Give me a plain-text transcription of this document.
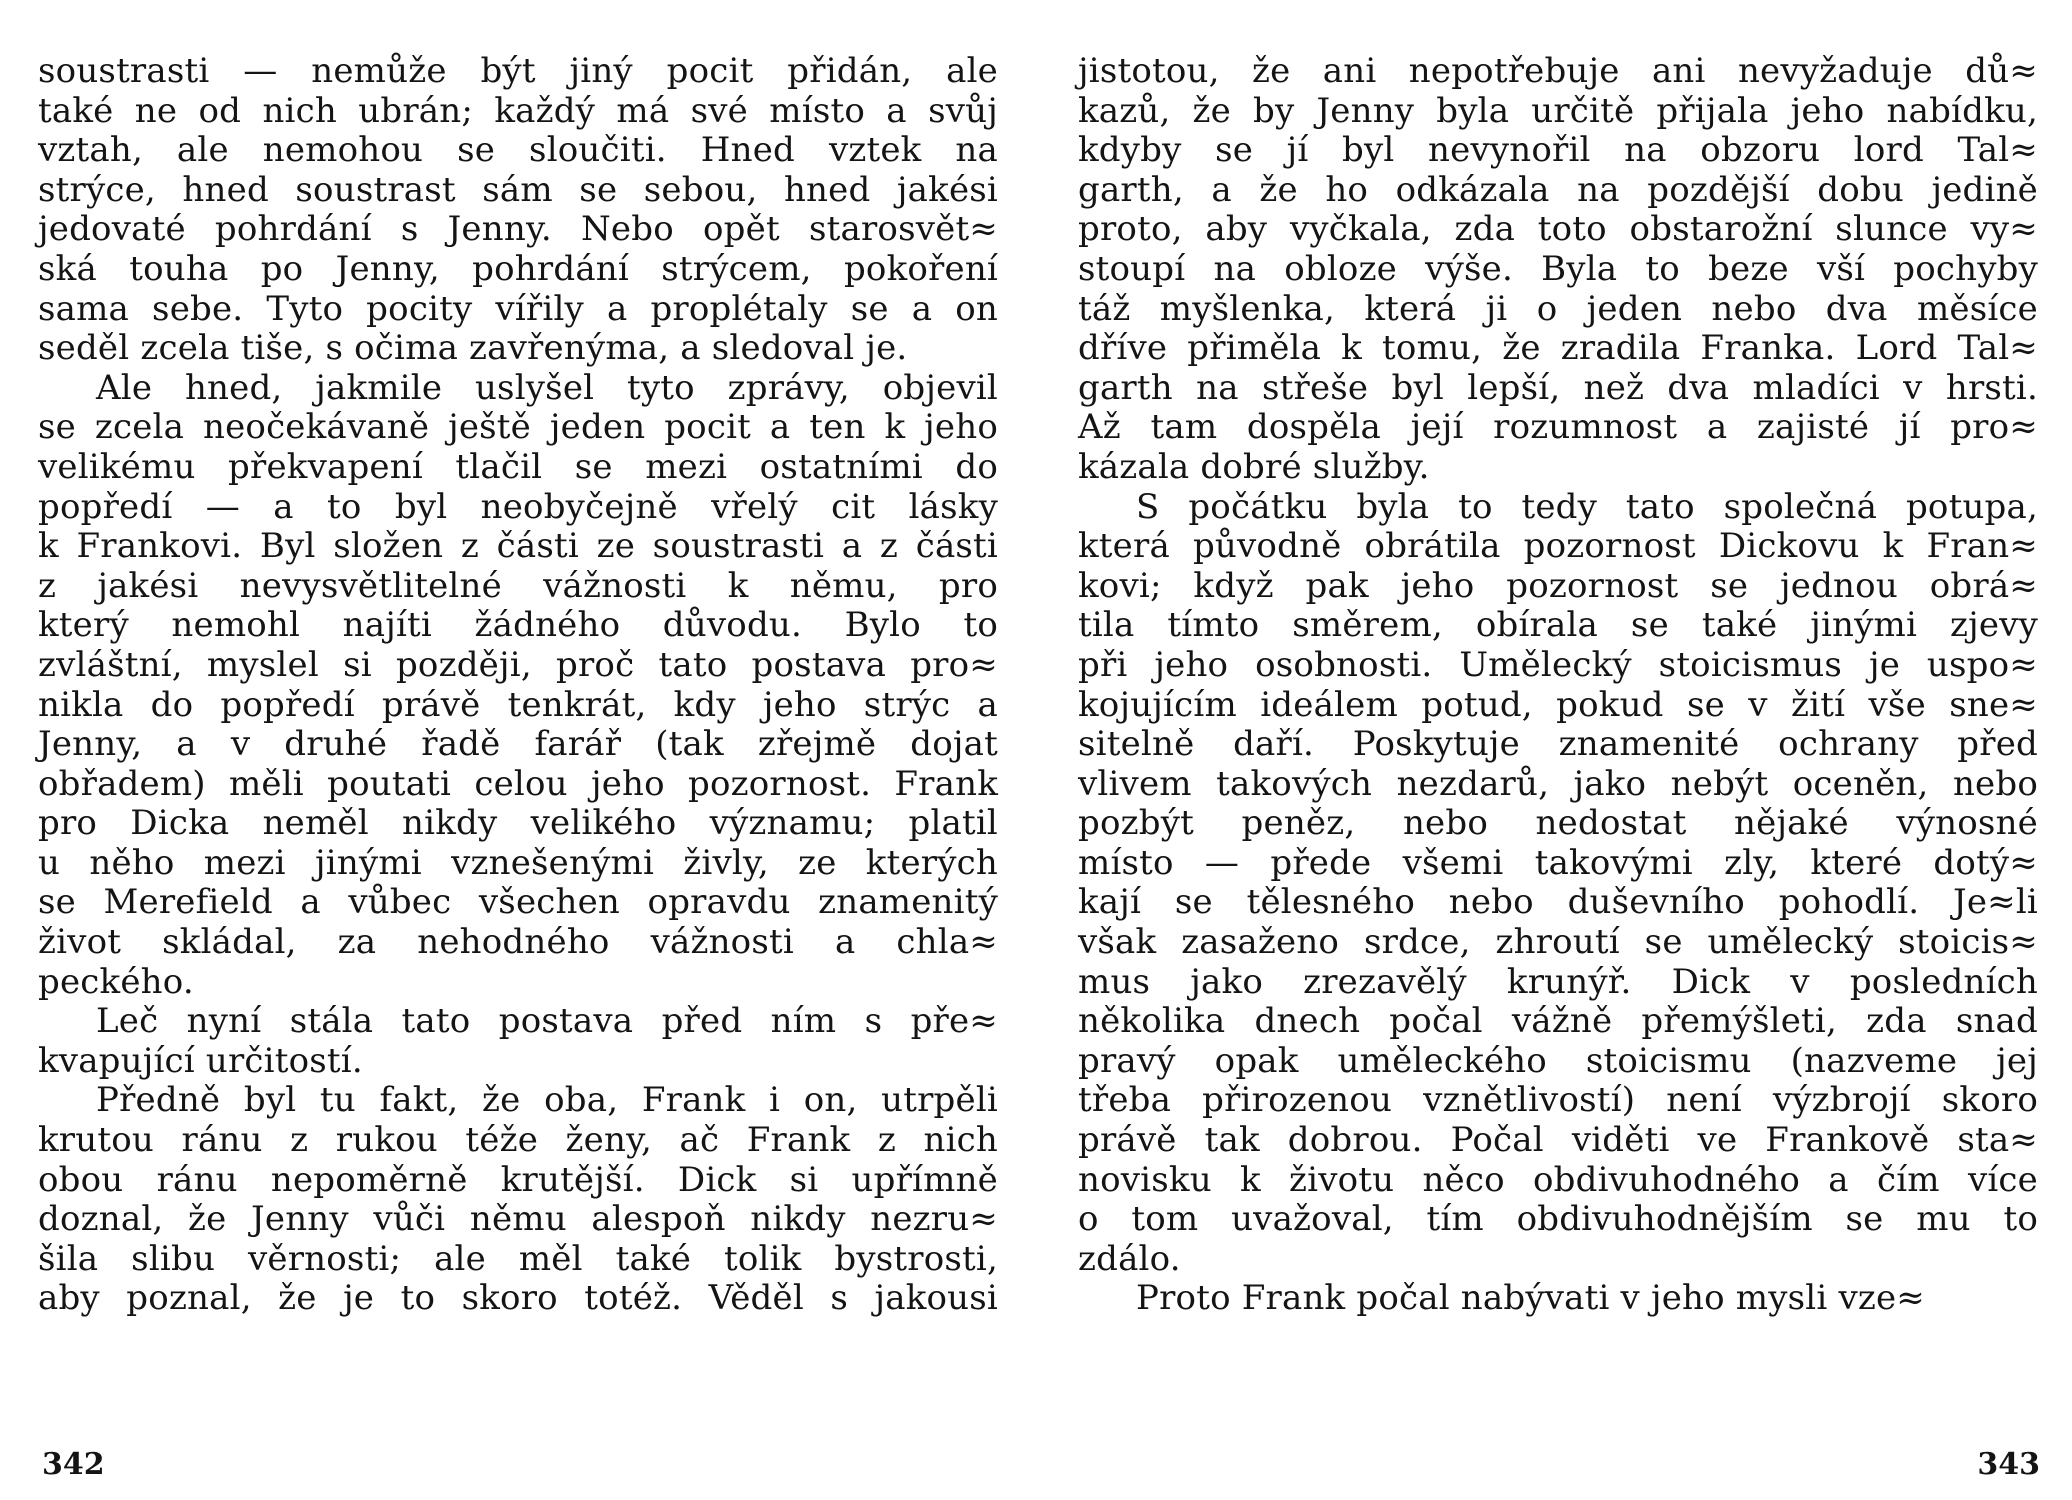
soustrasti — nemůže být jiný pocit přidán, ale
také ne od nich ubrán; každý má své místo a svůj
vztah, ale nemohou se sloučiti. Hned vztek na
strýce, hned soustrast sám se sebou, hned jakési
jedovaté pohrdání s Jenny. Nebo opět starosvět≈
ská touha po Jenny, pohrdání strýcem, pokoření
sama sebe. Tyto pocity vířily a proplétaly se a on
seděl zcela tiše, s očima zavřenýma, a sledoval je.
Ale hned, jakmile uslyšel tyto zprávy, objevil
se zcela neočekávaně ještě jeden pocit a ten k jeho
velikému překvapení tlačil se mezi ostatními do
popředí — a to byl neobyčejně vřelý cit lásky
k Frankovi. Byl složen z části ze soustrasti a z části
z jakési nevysvětlitelné vážnosti k němu, pro
který nemohl najíti žádného důvodu. Bylo to
zvláštní, myslel si později, proč tato postava pro≈
nikla do popředí právě tenkrát, kdy jeho strýc a
Jenny, a v druhé řadě farář (tak zřejmě dojat
obřadem) měli poutati celou jeho pozornost. Frank
pro Dicka neměl nikdy velikého významu; platil
u něho mezi jinými vznešenými živly, ze kterých
se Merefield a vůbec všechen opravdu znamenitý
život skládal, za nehodného vážnosti a chla≈
peckého.
Leč nyní stála tato postava před ním s pře≈
kvapující určitostí.
Předně byl tu fakt, že oba, Frank i on, utrpěli
krutou ránu z rukou téže ženy, ač Frank z nich
obou ránu nepoměrně krutější. Dick si upřímně
doznal, že Jenny vůči němu alespoň nikdy nezru≈
šila slibu věrnosti; ale měl také tolik bystrosti,
aby poznal, že je to skoro totéž. Věděl s jakousi
342
jistotou, že ani nepotřebuje ani nevyžaduje dů≈
kazů, že by Jenny byla určitě přijala jeho nabídku,
kdyby se jí byl nevynořil na obzoru lord Tal≈
garth, a že ho odkázala na pozdější dobu jedině
proto, aby vyčkala, zda toto obstarožní slunce vy≈
stoupí na obloze výše. Byla to beze vší pochyby
táž myšlenka, která ji o jeden nebo dva měsíce
dříve přiměla k tomu, že zradila Franka. Lord Tal≈
garth na střeše byl lepší, než dva mladíci v hrsti.
Až tam dospěla její rozumnost a zajisté jí pro≈
kázala dobré služby.
S počátku byla to tedy tato společná potupa,
která původně obrátila pozornost Dickovu k Fran≈
kovi; když pak jeho pozornost se jednou obrá≈
tila tímto směrem, obírala se také jinými zjevy
při jeho osobnosti. Umělecký stoicismus je uspo≈
kojujícím ideálem potud, pokud se v žití vše sne≈
sitelně daří. Poskytuje znamenité ochrany před
vlivem takových nezdarů, jako nebýt oceněn, nebo
pozbýt peněz, nebo nedostat nějaké výnosné
místo — přede všemi takovými zly, které dotý≈
kají se tělesného nebo duševního pohodlí. Je≈li
však zasaženo srdce, zhroutí se umělecký stoicis≈
mus jako zrezavělý krunýř. Dick v posledních
několika dnech počal vážně přemýšleti, zda snad
pravý opak uměleckého stoicismu (nazveme jej
třeba přirozenou vznětlivostí) není výzbrojí skoro
právě tak dobrou. Počal viděti ve Frankově sta≈
novisku k životu něco obdivuhodného a čím více
o tom uvažoval, tím obdivuhodnějším se mu to
zdálo.
Proto Frank počal nabývati v jeho mysli vze≈
343
